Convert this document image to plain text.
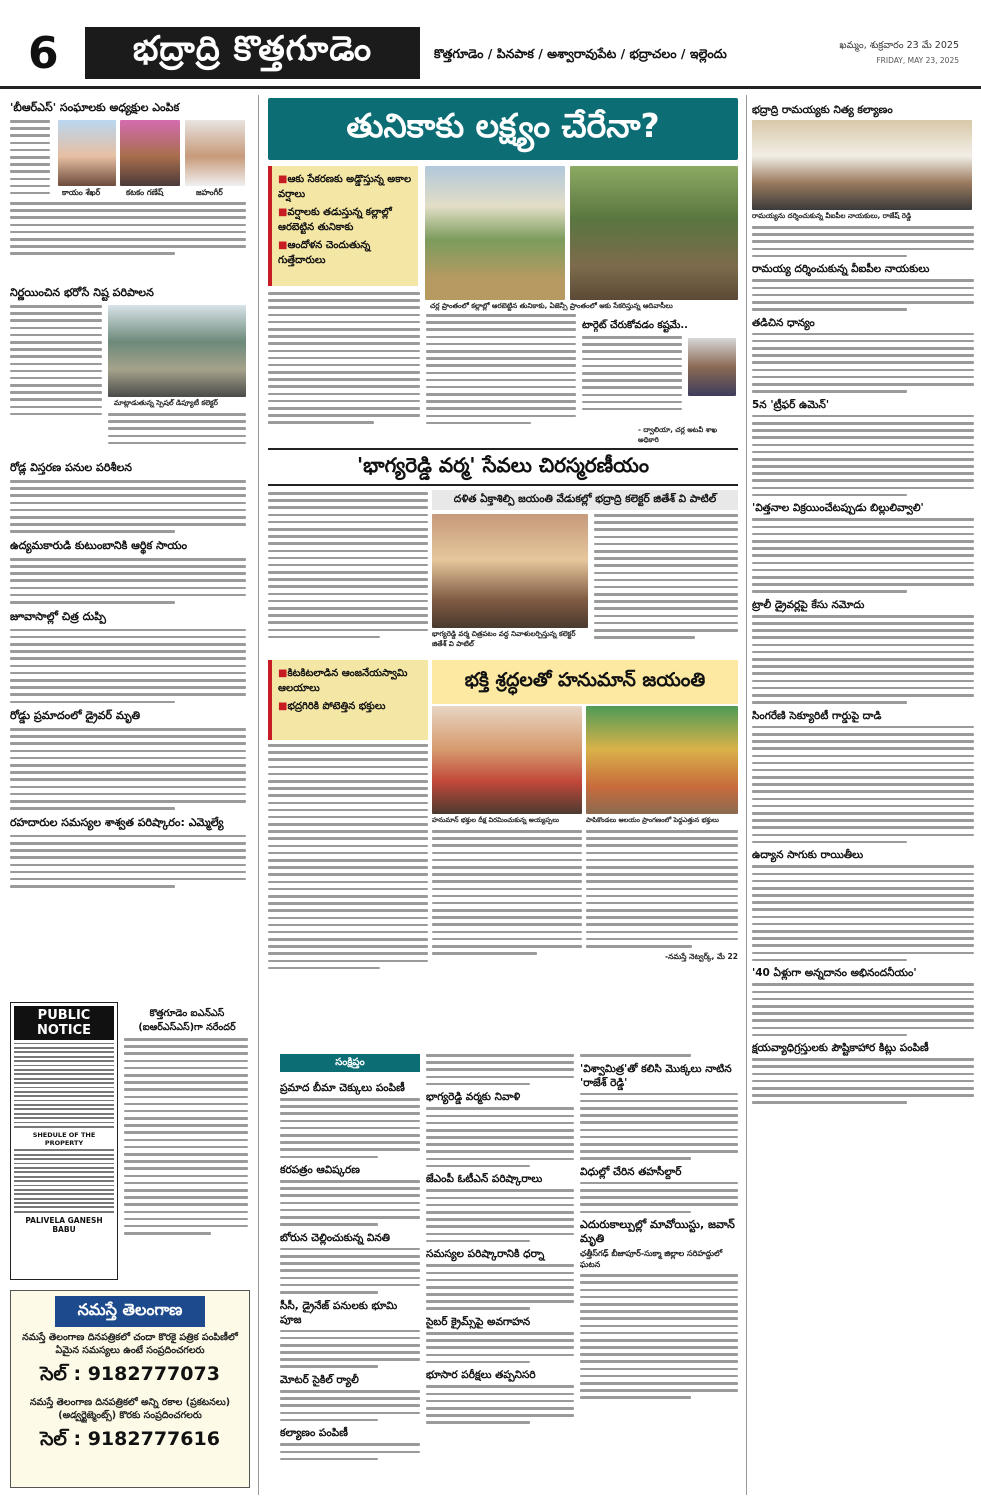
6	భద్రాద్రి కొత్తగూడెం	కొత్తగూడెం / పినపాక / అశ్వారావుపేట / భద్రాచలం / ఇల్లెందు
ఖమ్మం, శుక్రవారం 23 మే 2025
FRIDAY, MAY 23, 2025
'బీఆర్ఎస్' సంఘాలకు అధ్యక్షుల ఎంపిక
కాయం శేఖర్	కటకం గణేష్	జహంగీర్
నిర్ణయించిన భరోసే నిష్ట పరిపాలన
మాట్లాడుతున్న స్పెషల్ డిప్యూటీ కలెక్టర్
రోడ్ల విస్తరణ పనుల పరిశీలన
ఉద్యమకారుడి కుటుంబానికి ఆర్థిక సాయం
జూవాసాల్లో చిత్ర దుప్పి
రోడ్డు ప్రమాదంలో డ్రైవర్ మృతి
రహదారుల సమస్యల శాశ్వత పరిష్కారం: ఎమ్మెల్యే
PUBLIC NOTICE
SHEDULE OF THE PROPERTY
PALIVELA GANESH BABU
కొత్తగూడెం ఐఎన్ఎస్ (ఐఆర్ఎస్ఎస్)గా నరేందర్
నమస్తే తెలంగాణ
నమస్తే తెలంగాణ దినపత్రికలో చందా కొరకై పత్రిక పంపిణీలో ఏమైన సమస్యలు ఉంటే సంప్రదించగలరు
సెల్ : 9182777073
నమస్తే తెలంగాణ దినపత్రికలో అన్ని రకాల (ప్రకటనలు) (అడ్వర్టైజ్మెంట్స్) కొరకు సంప్రదించగలరు
సెల్ : 9182777616
తునికాకు లక్ష్యం చేరేనా?
■ ఆకు సేకరణకు అడ్డొస్తున్న అకాల వర్షాలు
■ వర్షాలకు తడుస్తున్న కల్లాల్లో ఆరబెట్టిన తునికాకు
■ ఆందోళన చెందుతున్న గుత్తేదారులు
చర్ల ప్రాంతంలో కల్లాల్లో ఆరబెట్టిన తునికాకు, ఏజెన్సీ ప్రాంతంలో ఆకు సేకరిస్తున్న ఆదివాసీలు
టార్గెట్ చేరుకోవడం కష్టమే..
- ద్వాలియా, చర్ల అటవీ శాఖ అధికారి
'భాగ్యరెడ్డి వర్మ' సేవలు చిరస్మరణీయం
దళిత ఏక్తాశిల్పి జయంతి వేడుకల్లో భద్రాద్రి కలెక్టర్ జితేశ్ వి పాటిల్
భాగ్యరెడ్డి వర్మ చిత్రపటం వద్ద నివాళులర్పిస్తున్న కలెక్టర్ జితేశ్ వి పాటిల్
■ కిటకిటలాడిన ఆంజనేయస్వామి ఆలయాలు
■ భద్రగిరికి పోటెత్తిన భక్తులు
భక్తి శ్రద్ధలతో హనుమాన్ జయంతి
హనుమాన్ భక్తుల దీక్ష విరమించుకున్న అయ్యప్పలు	పాపికొండలు ఆలయం ప్రాంగణంలో పెద్దఎత్తున భక్తులు
-నమస్తే నెట్వర్క్, మే 22
సంక్షిప్తం
ప్రమాద బీమా చెక్కులు పంపిణీ
కరపత్రం ఆవిష్కరణ
బోరున చెల్లించుకున్న వినతి
సీసీ, డ్రైనేజ్ పనులకు భూమి పూజ
మోటర్ సైకిల్ ర్యాలీ
కల్యాణం పంపిణీ
భాగ్యరెడ్డి వర్మకు నివాళి
జేఎంపీ ఓటీఎన్ పరిష్కారాలు
సమస్యల పరిష్కారానికి ధర్నా
సైబర్ క్రైమ్స్‌పై అవగాహన
భూసార పరీక్షలు తప్పనిసరి
'విశ్వామిత్ర'తో కలిసి మెుక్కలు నాటిన 'రాజేశ్ రెడ్డి'
విధుల్లో చేరిన తహసీల్దార్
ఎదురుకాల్పుల్లో మావోయిస్టు, జవాన్ మృతి
ఛత్తీస్‌గఢ్ బీజాపూర్-సుక్మా జిల్లాల సరిహద్దులో ఘటన
భద్రాద్రి రామయ్యకు నిత్య కల్యాణం
రామయ్యను దర్శించుకున్న వీఐపీల నాయకులు, రాజేష్ రెడ్డి
రామయ్య దర్శించుకున్న వీఐపీల నాయకులు
తడిచిన ధాన్యం
5న 'ట్రీఫర్ ఉమెన్'
'విత్తనాల విక్రయించేటప్పుడు బిల్లులివ్వాలి'
ట్రాలీ డ్రైవర్లపై కేసు నమోదు
సింగరేణి సెక్యూరిటీ గార్డుపై దాడి
ఉద్యాన సాగుకు రాయితీలు
'40 ఏళ్లుగా అన్నదానం అభినందనీయం'
క్షయవ్యాధిగ్రస్తులకు పౌష్టికాహార కిట్లు పంపిణీ
